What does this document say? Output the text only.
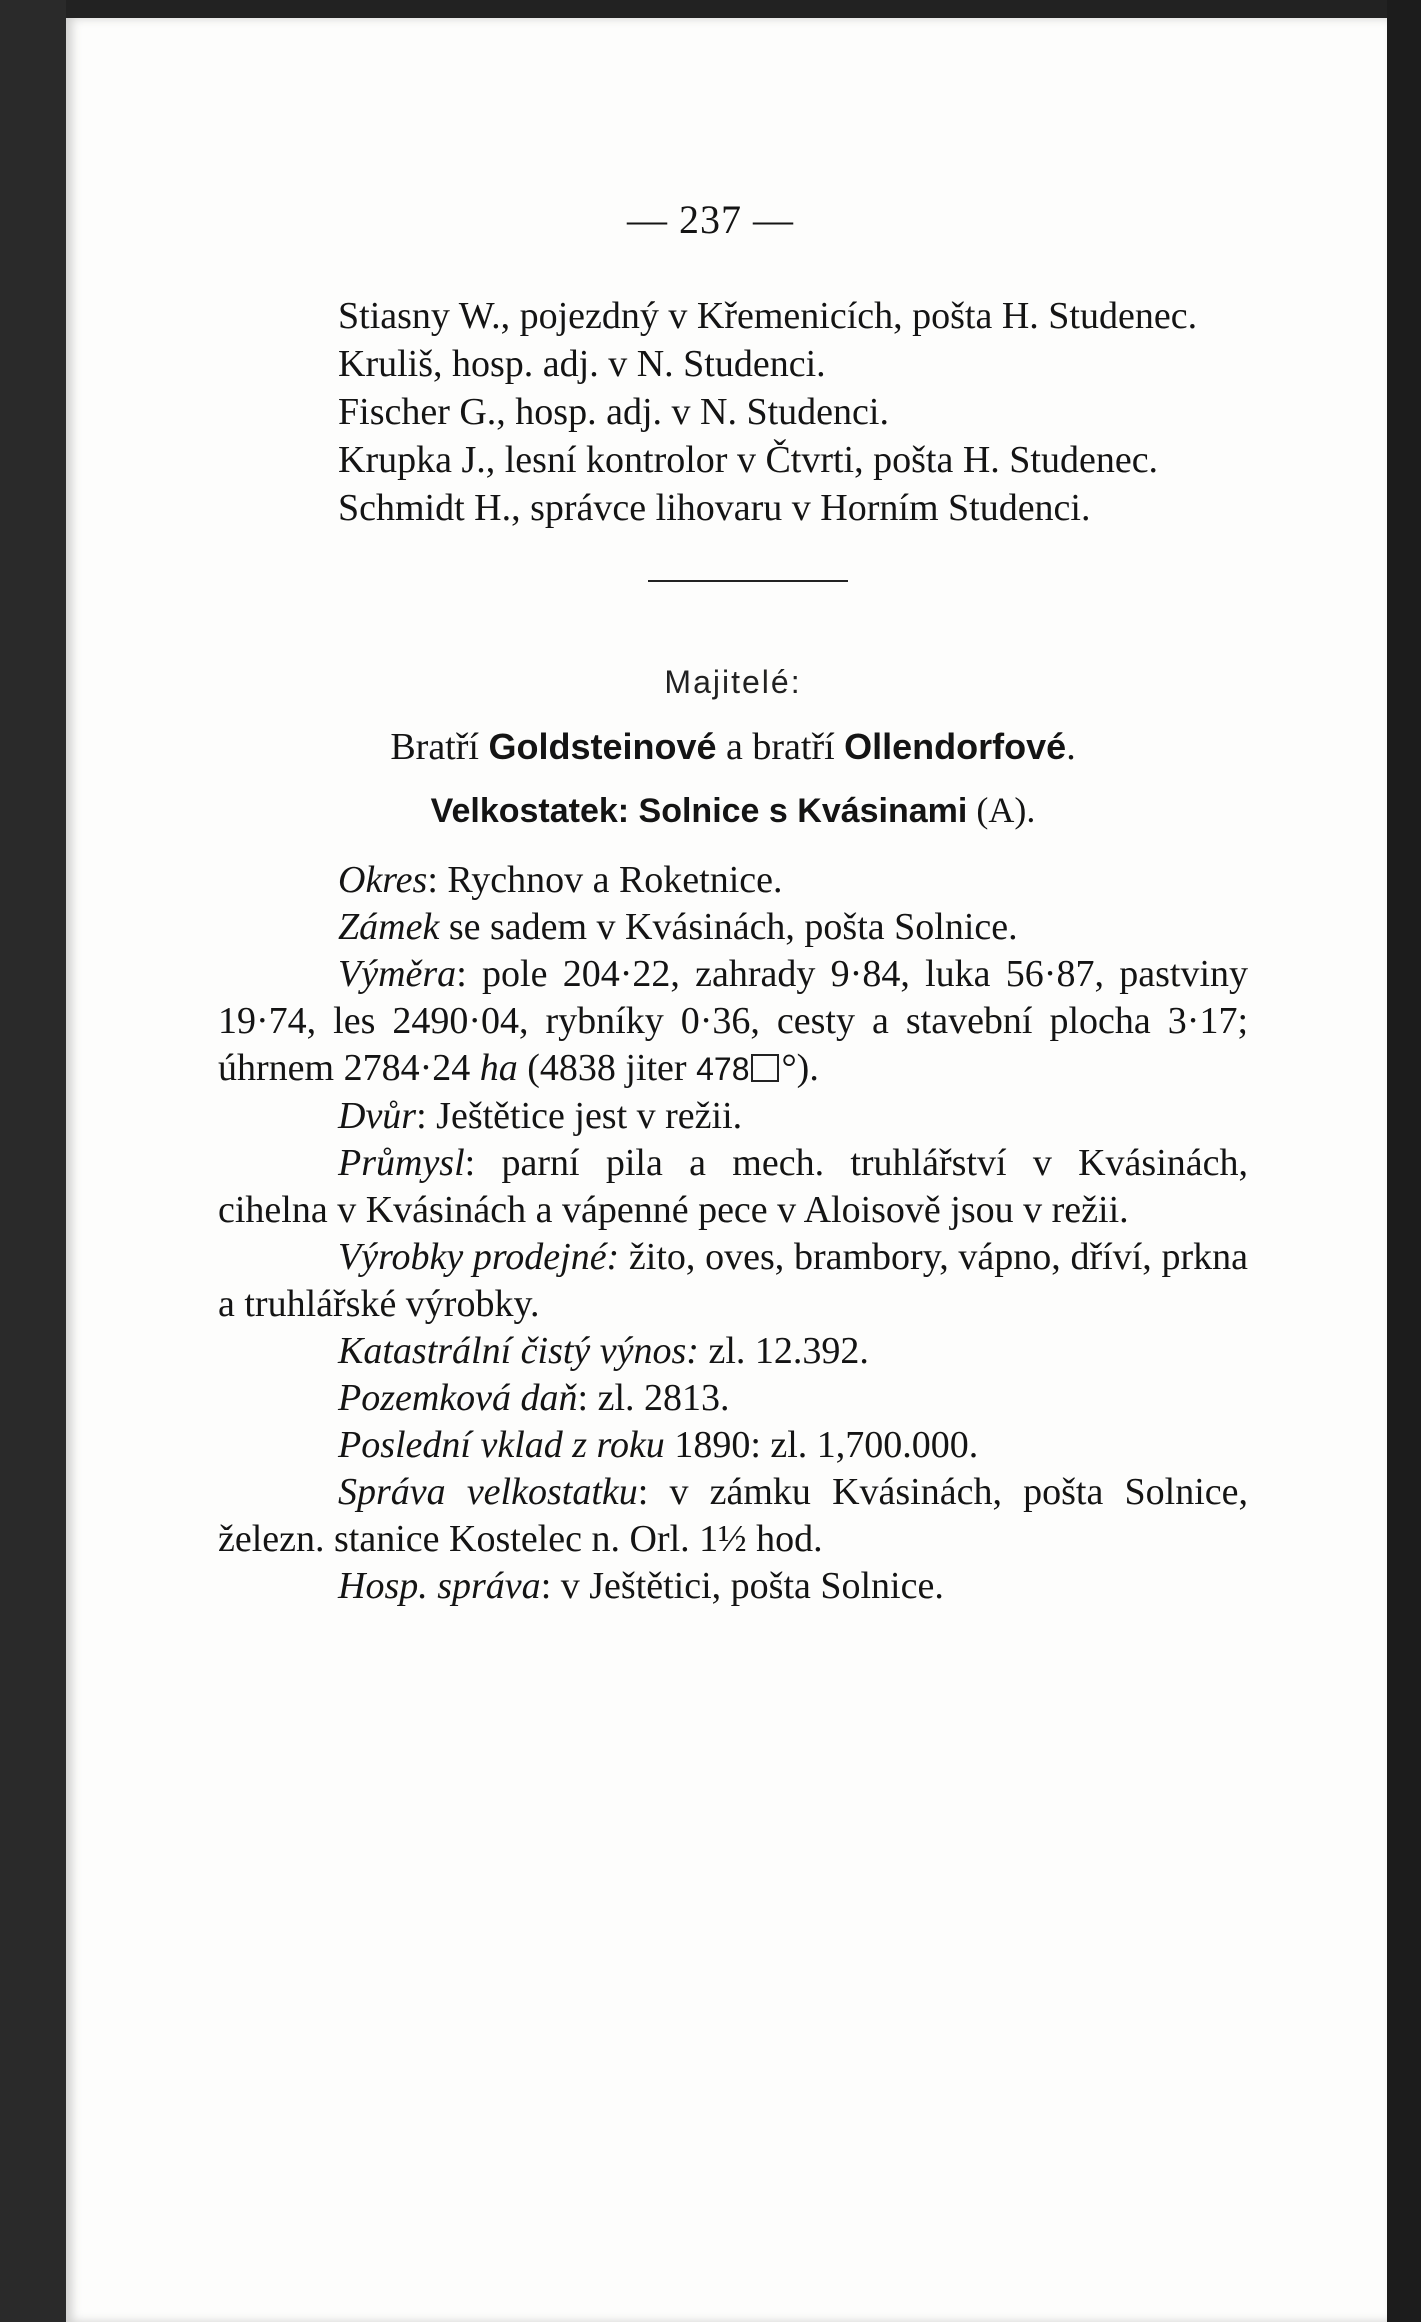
— 237 —

Stiasny W., pojezdný v Křemenicích, pošta H. Studenec.

Kruliš, hosp. adj. v N. Studenci.

Fischer G., hosp. adj. v N. Studenci.

Krupka J., lesní kontrolor v Čtvrti, pošta H. Studenec.

Schmidt H., správce lihovaru v Horním Studenci.

Majitelé:
Bratří Goldsteinové a bratří Ollendorfové.
Velkostatek: Solnice s Kvásinami (A).

Okres: Rychnov a Roketnice.

Zámek se sadem v Kvásinách, pošta Solnice.

Výměra: pole 204·22, zahrady 9·84, luka 56·87, pastviny 19·74, les 2490·04, rybníky 0·36, cesty a stavební plocha 3·17; úhrnem 2784·24 ha (4838 jiter 478 °).

Dvůr: Ještětice jest v režii.

Průmysl: parní pila a mech. truhlářství v Kvásinách, cihelna v Kvásinách a vápenné pece v Aloisově jsou v režii.

Výrobky prodejné: žito, oves, brambory, vápno, dříví, prkna a truhlářské výrobky.

Katastrální čistý výnos: zl. 12.392.

Pozemková daň: zl. 2813.

Poslední vklad z roku 1890: zl. 1,700.000.

Správa velkostatku: v zámku Kvásinách, pošta Solnice, železn. stanice Kostelec n. Orl. 1½ hod.

Hosp. správa: v Ještětici, pošta Solnice.
